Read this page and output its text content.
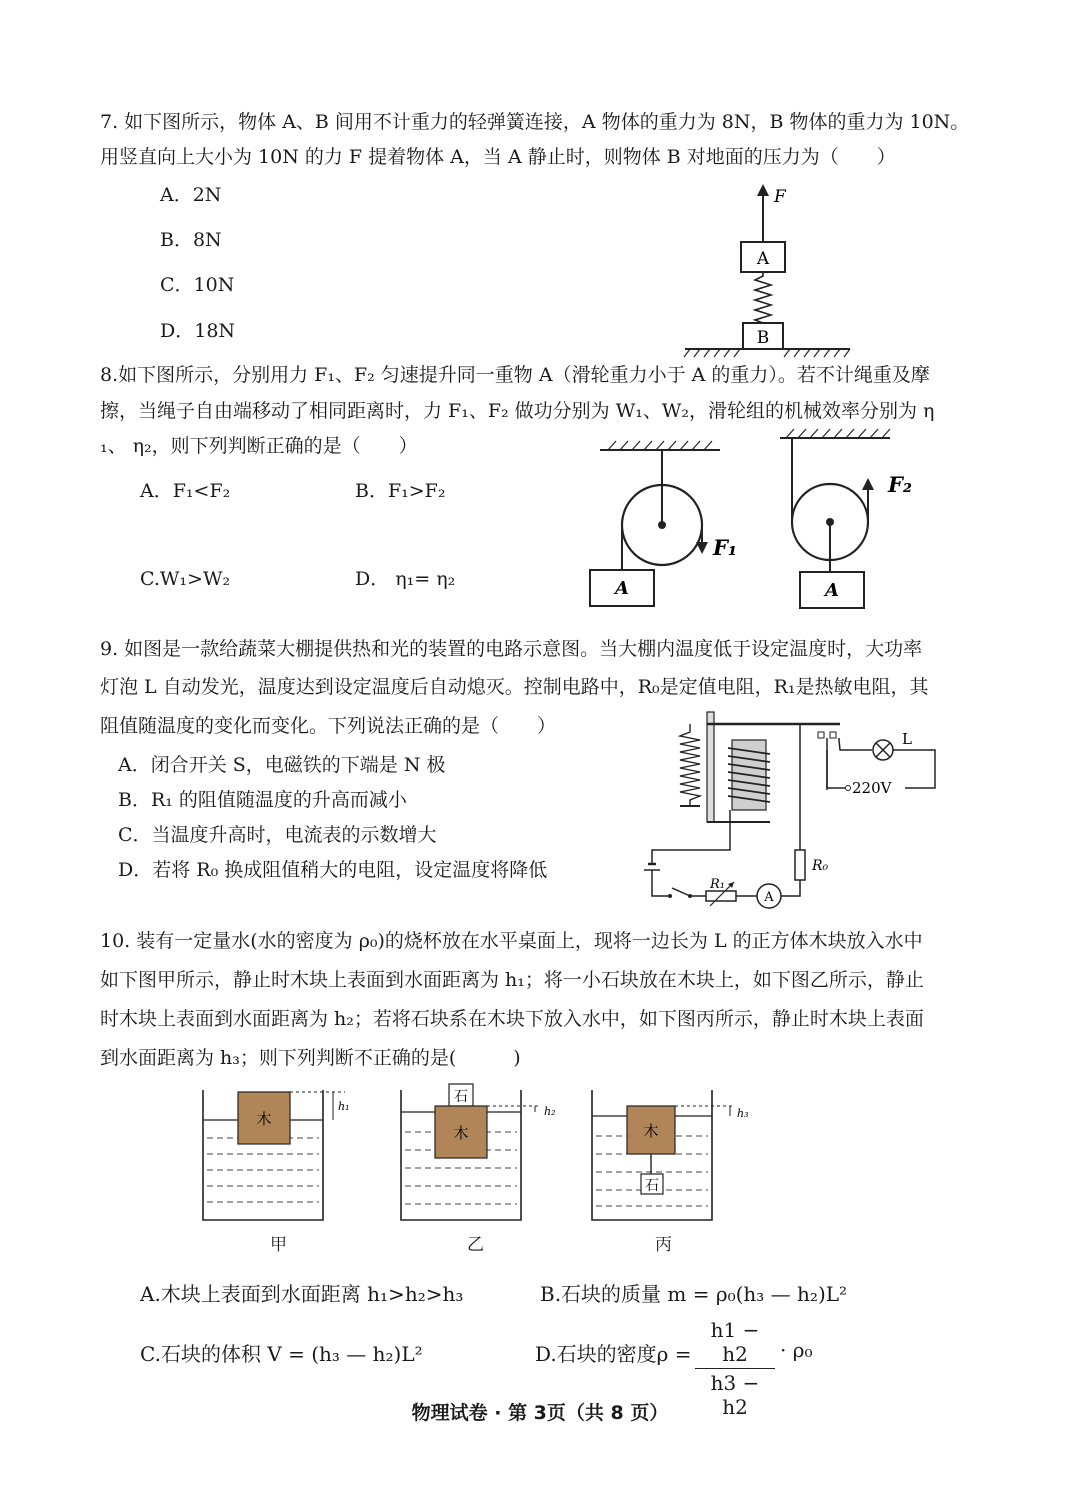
7. 如下图所示，物体 A、B 间用不计重力的轻弹簧连接，A 物体的重力为 8N，B 物体的重力为 10N。
用竖直向上大小为 10N 的力 F 提着物体 A，当 A 静止时，则物体 B 对地面的压力为（　　）
A．2N
B．8N
C．10N
D．18N
F
A
B
8.如下图所示，分别用力 F₁、F₂ 匀速提升同一重物 A（滑轮重力小于 A 的重力）。若不计绳重及摩
擦，当绳子自由端移动了相同距离时，力 F₁、F₂ 做功分别为 W₁、W₂，滑轮组的机械效率分别为 η
₁、 η₂，则下列判断正确的是（　　）
A．F₁<F₂	B．F₁>F₂
C.W₁>W₂	D． η₁= η₂
F₁
A
F₂
A
9. 如图是一款给蔬菜大棚提供热和光的装置的电路示意图。当大棚内温度低于设定温度时，大功率
灯泡 L 自动发光，温度达到设定温度后自动熄灭。控制电路中，R₀是定值电阻，R₁是热敏电阻，其
阻值随温度的变化而变化。下列说法正确的是（　　）
A．闭合开关 S，电磁铁的下端是 N 极
B．R₁ 的阻值随温度的升高而减小
C．当温度升高时，电流表的示数增大
D．若将 R₀ 换成阻值稍大的电阻，设定温度将降低
L
220V
R₀
A
R₁
10. 装有一定量水(水的密度为 ρ₀)的烧杯放在水平桌面上，现将一边长为 L 的正方体木块放入水中
如下图甲所示，静止时木块上表面到水面距离为 h₁；将一小石块放在木块上，如下图乙所示，静止
时木块上表面到水面距离为 h₂；若将石块系在木块下放入水中，如下图丙所示，静止时木块上表面
到水面距离为 h₃；则下列判断不正确的是(　　　)
木
h₁
石
木
h₂
木
石
h₃
甲	乙	丙
A.木块上表面到水面距离 h₁>h₂>h₃	B.石块的质量 m = ρ₀(h₃ — h₂)L²
C.石块的体积 V = (h₃ — h₂)L²	D.石块的密度$\rho = \frac{h1 - h2}{h3 - h2} \cdot \rho_0$
物理试卷 · 第 3页（共 8 页）
